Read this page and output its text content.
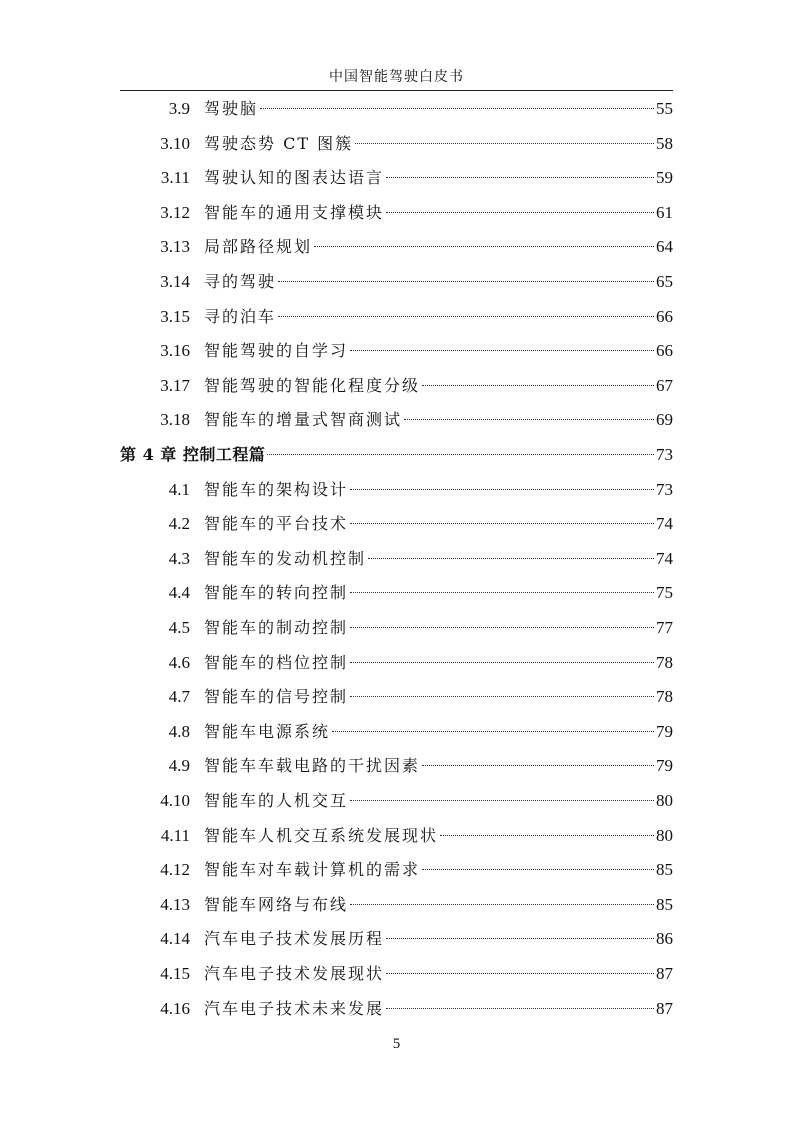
中国智能驾驶白皮书
3.9 驾驶脑	55
3.10 驾驶态势 CT 图簇	58
3.11 驾驶认知的图表达语言	59
3.12 智能车的通用支撑模块	61
3.13 局部路径规划	64
3.14 寻的驾驶	65
3.15 寻的泊车	66
3.16 智能驾驶的自学习	66
3.17 智能驾驶的智能化程度分级	67
3.18 智能车的增量式智商测试	69
第 4 章 控制工程篇	73
4.1 智能车的架构设计	73
4.2 智能车的平台技术	74
4.3 智能车的发动机控制	74
4.4 智能车的转向控制	75
4.5 智能车的制动控制	77
4.6 智能车的档位控制	78
4.7 智能车的信号控制	78
4.8 智能车电源系统	79
4.9 智能车车载电路的干扰因素	79
4.10 智能车的人机交互	80
4.11 智能车人机交互系统发展现状	80
4.12 智能车对车载计算机的需求	85
4.13 智能车网络与布线	85
4.14 汽车电子技术发展历程	86
4.15 汽车电子技术发展现状	87
4.16 汽车电子技术未来发展	87
5
